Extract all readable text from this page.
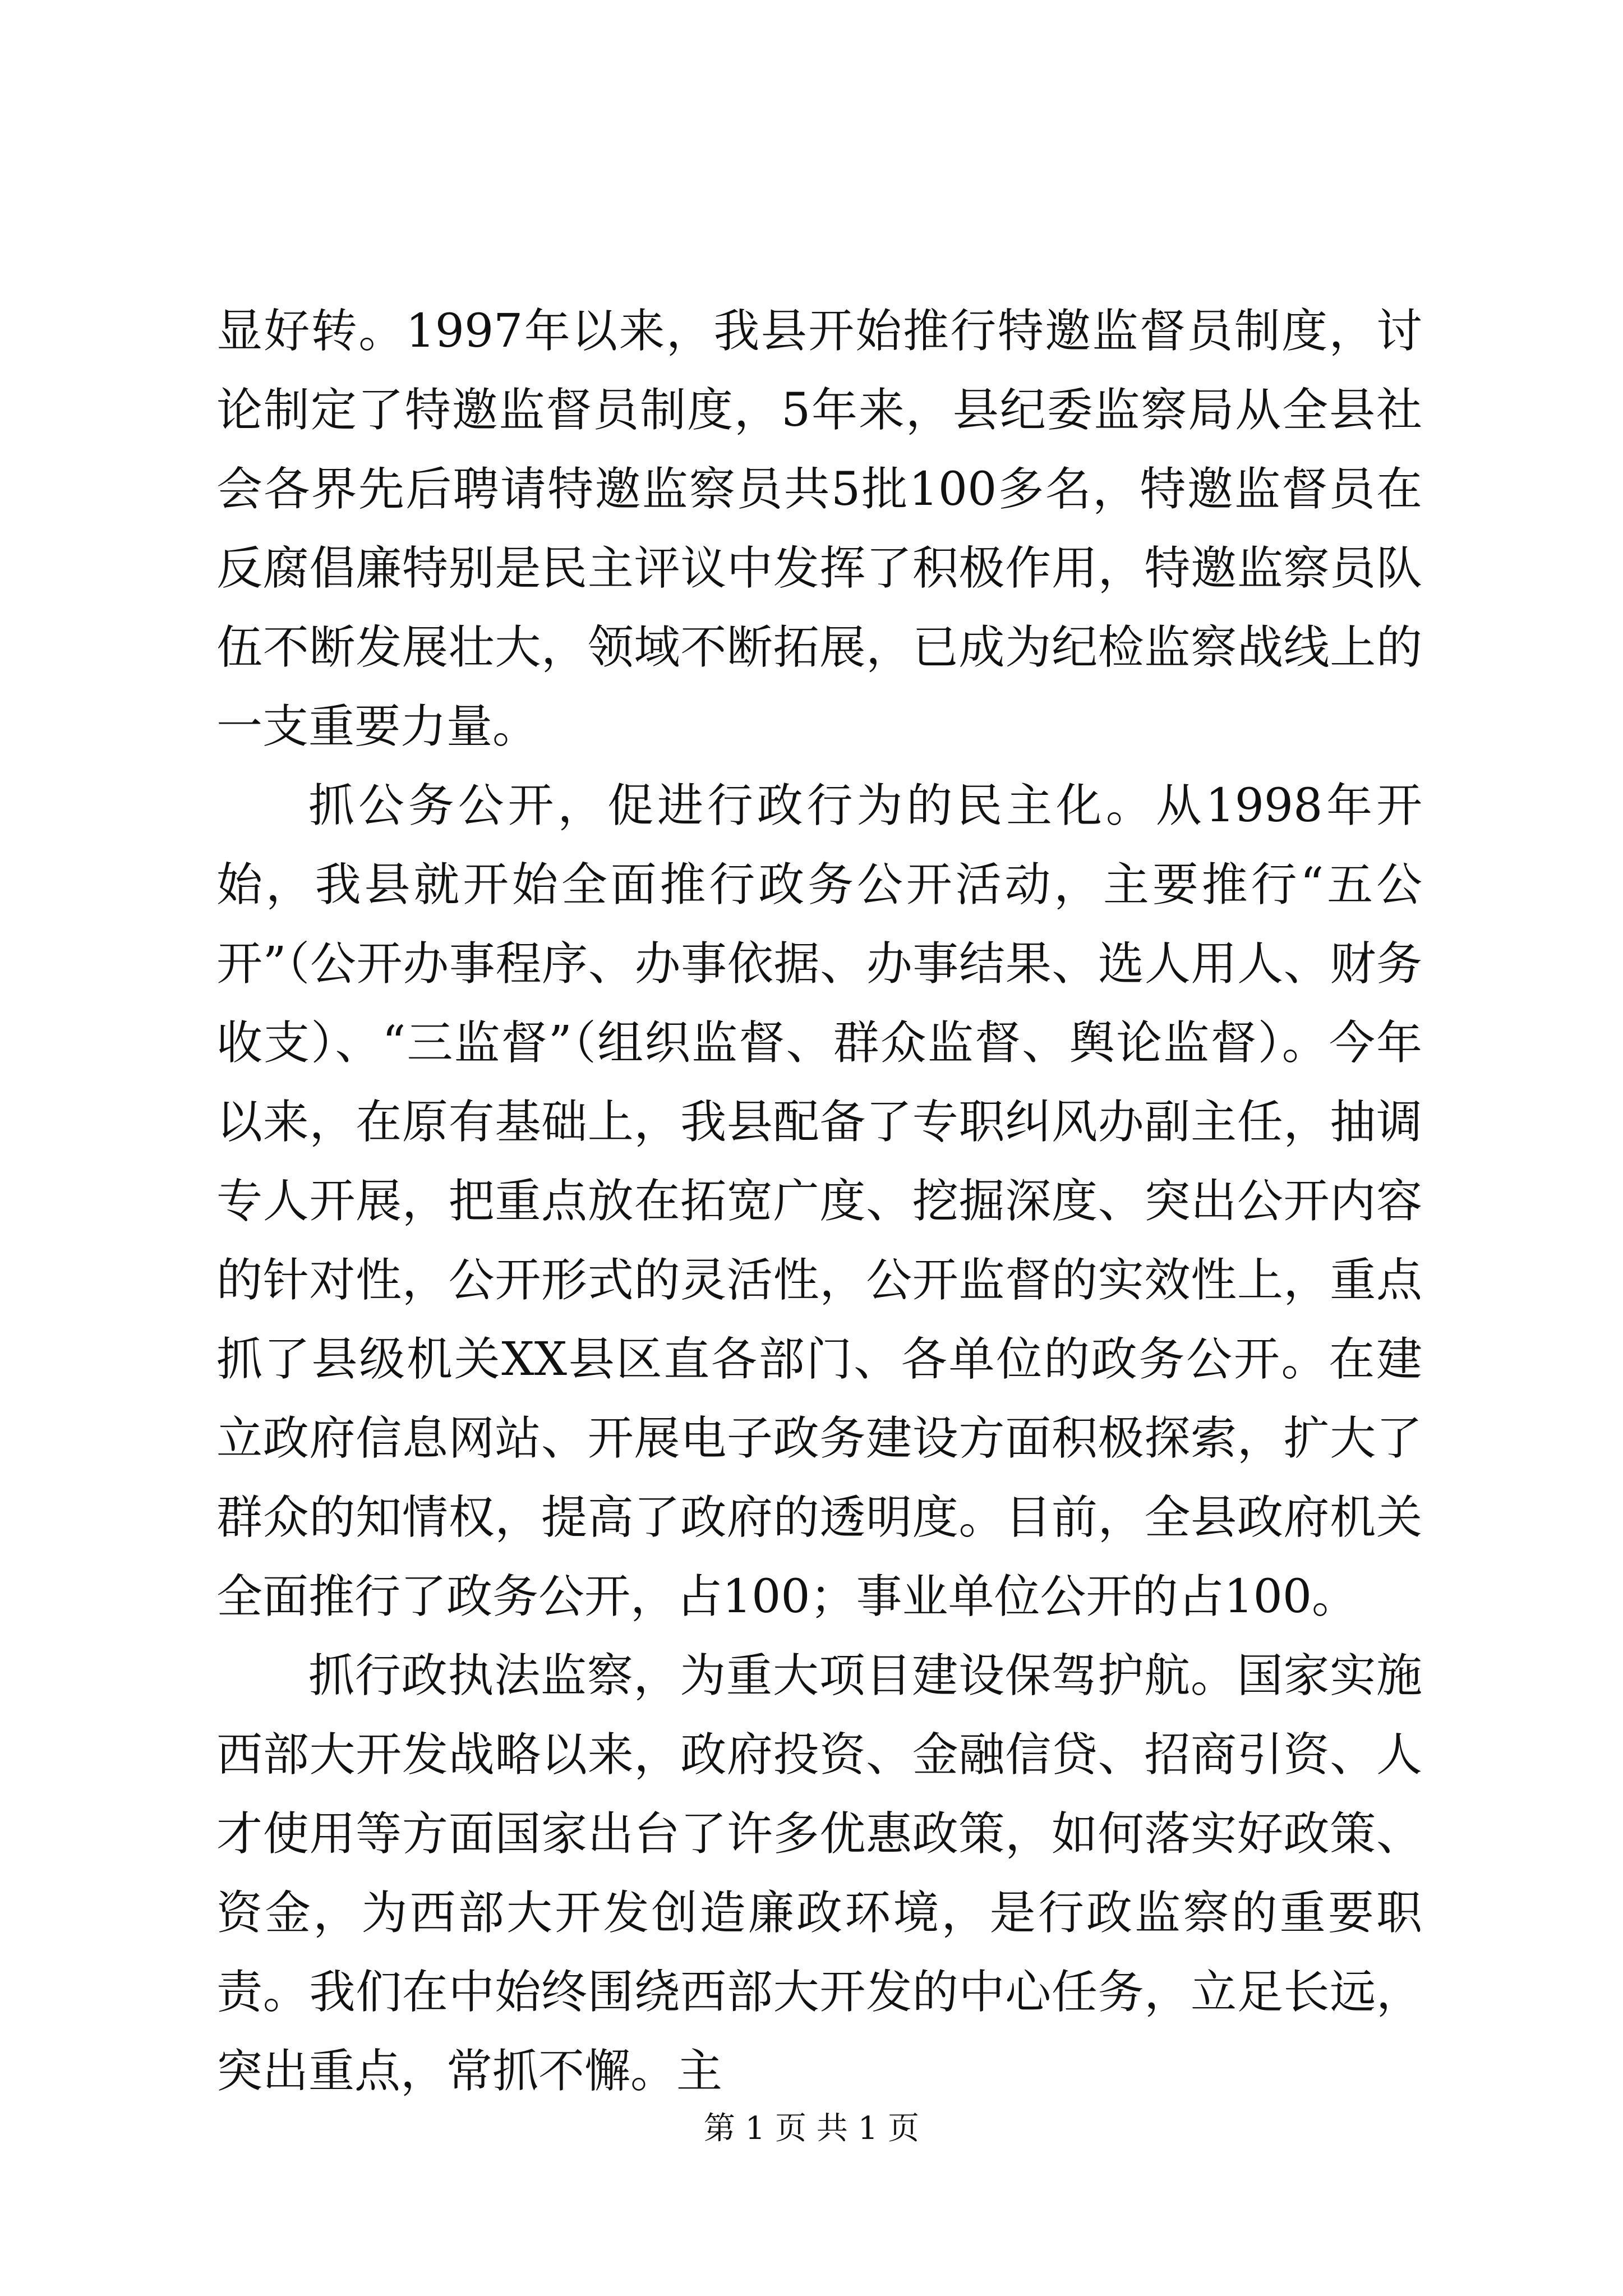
显好转。1997年以来，我县开始推行特邀监督员制度，讨论制定了特邀监督员制度，5年来，县纪委监察局从全县社会各界先后聘请特邀监察员共5批100多名，特邀监督员在反腐倡廉特别是民主评议中发挥了积极作用，特邀监察员队伍不断发展壮大，领域不断拓展，已成为纪检监察战线上的一支重要力量。

抓公务公开，促进行政行为的民主化。从1998年开始，我县就开始全面推行政务公开活动，主要推行“五公开”（公开办事程序、办事依据、办事结果、选人用人、财务收支）、“三监督”（组织监督、群众监督、舆论监督）。今年以来，在原有基础上，我县配备了专职纠风办副主任，抽调专人开展，把重点放在拓宽广度、挖掘深度、突出公开内容的针对性，公开形式的灵活性，公开监督的实效性上，重点抓了县级机关XX县区直各部门、各单位的政务公开。在建立政府信息网站、开展电子政务建设方面积极探索，扩大了群众的知情权，提高了政府的透明度。目前，全县政府机关全面推行了政务公开，占100；事业单位公开的占100。

抓行政执法监察，为重大项目建设保驾护航。国家实施西部大开发战略以来，政府投资、金融信贷、招商引资、人才使用等方面国家出台了许多优惠政策，如何落实好政策、资金，为西部大开发创造廉政环境，是行政监察的重要职责。我们在中始终围绕西部大开发的中心任务，立足长远，突出重点，常抓不懈。主

第 1 页 共 1 页
